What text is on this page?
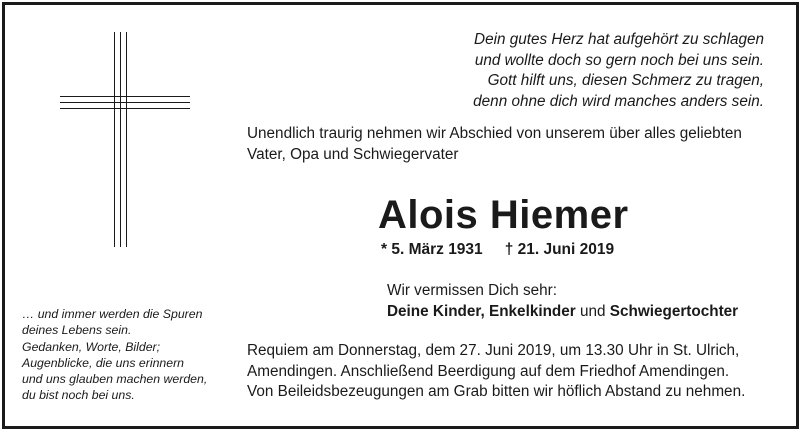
Dein gutes Herz hat aufgehört zu schlagen
und wollte doch so gern noch bei uns sein.
Gott hilft uns, diesen Schmerz zu tragen,
denn ohne dich wird manches anders sein.
Unendlich traurig nehmen wir Abschied von unserem über alles geliebten
Vater, Opa und Schwiegervater
Alois Hiemer
* 5. März 1931 † 21. Juni 2019
Wir vermissen Dich sehr:
Deine Kinder, Enkelkinder und Schwiegertochter
… und immer werden die Spuren
deines Lebens sein.
Gedanken, Worte, Bilder;
Augenblicke, die uns erinnern
und uns glauben machen werden,
du bist noch bei uns.
Requiem am Donnerstag, dem 27. Juni 2019, um 13.30 Uhr in St. Ulrich,
Amendingen. Anschließend Beerdigung auf dem Friedhof Amendingen.
Von Beileidsbezeugungen am Grab bitten wir höflich Abstand zu nehmen.
